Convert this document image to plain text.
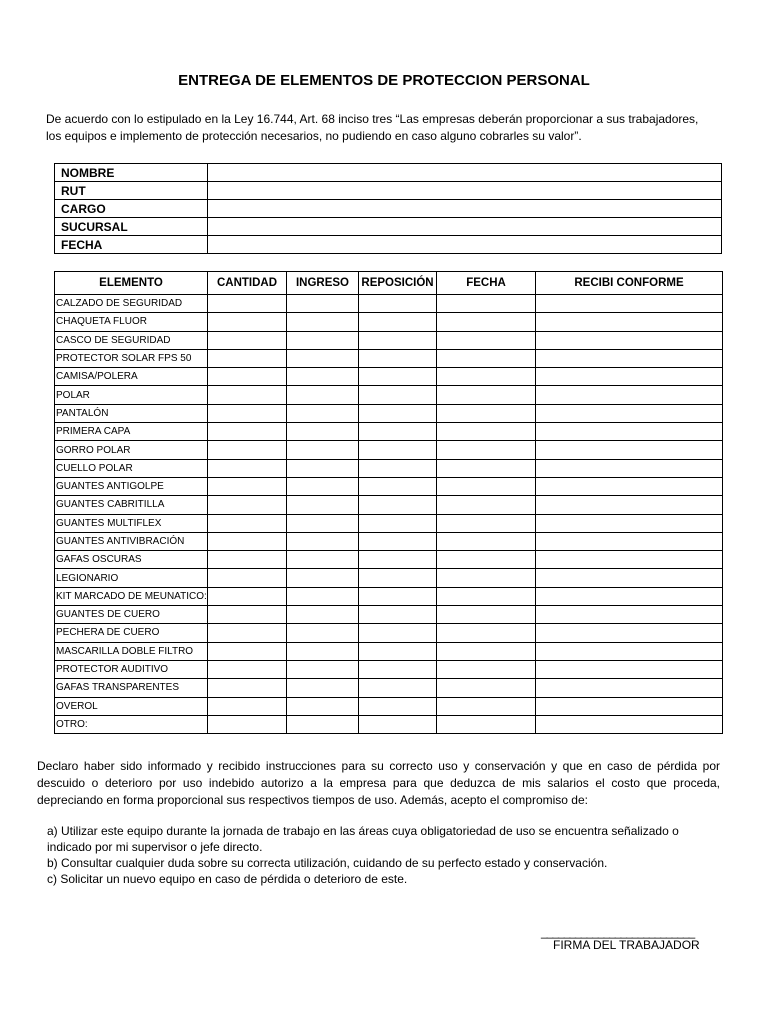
ENTREGA DE ELEMENTOS DE PROTECCION PERSONAL
De acuerdo con lo estipulado en la Ley 16.744, Art. 68 inciso tres “Las empresas deberán proporcionar a sus trabajadores, los equipos e implemento de protección necesarios, no pudiendo en caso alguno cobrarles su valor”.
NOMBRE	
RUT	
CARGO	
SUCURSAL	
FECHA	
ELEMENTO	CANTIDAD	INGRESO	REPOSICIÓN	FECHA	RECIBI CONFORME
CALZADO DE SEGURIDAD					
CHAQUETA FLUOR					
CASCO DE SEGURIDAD					
PROTECTOR SOLAR FPS 50					
CAMISA/POLERA					
POLAR					
PANTALÓN					
PRIMERA CAPA					
GORRO POLAR					
CUELLO POLAR					
GUANTES ANTIGOLPE					
GUANTES CABRITILLA					
GUANTES MULTIFLEX					
GUANTES ANTIVIBRACIÓN					
GAFAS OSCURAS					
LEGIONARIO					
KIT MARCADO DE MEUNATICO:					
GUANTES DE CUERO					
PECHERA DE CUERO					
MASCARILLA DOBLE FILTRO					
PROTECTOR AUDITIVO					
GAFAS TRANSPARENTES					
OVEROL					
OTRO:					
Declaro haber sido informado y recibido instrucciones para su correcto uso y conservación y que en caso de pérdida por descuido o deterioro por uso indebido autorizo a la empresa para que deduzca de mis salarios el costo que proceda, depreciando en forma proporcional sus respectivos tiempos de uso. Además, acepto el compromiso de:
a) Utilizar este equipo durante la jornada de trabajo en las áreas cuya obligatoriedad de uso se encuentra señalizado o indicado por mi supervisor o jefe directo.
b) Consultar cualquier duda sobre su correcta utilización, cuidando de su perfecto estado y conservación.
c) Solicitar un nuevo equipo en caso de pérdida o deterioro de este.
___________________________
FIRMA DEL TRABAJADOR
